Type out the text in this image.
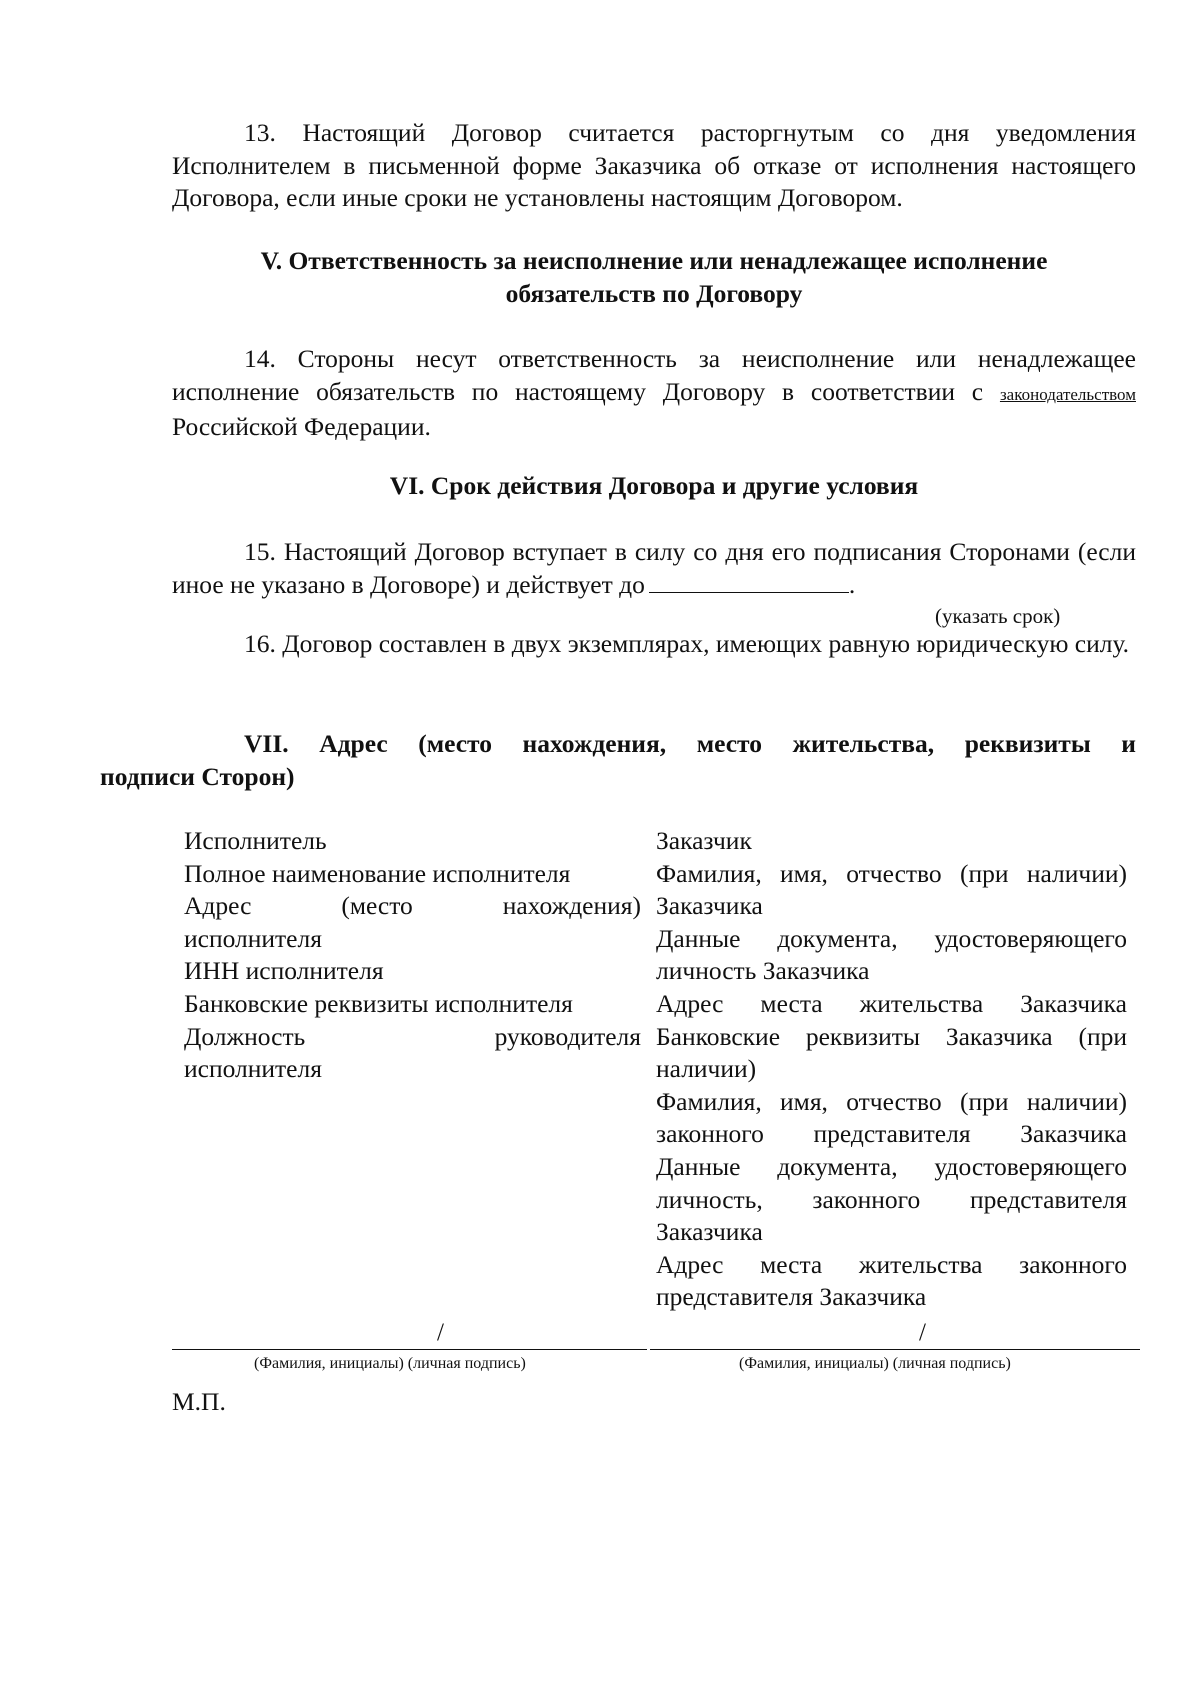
13. Настоящий Договор считается расторгнутым со дня уведомления Исполнителем в письменной форме Заказчика об отказе от исполнения настоящего Договора, если иные сроки не установлены настоящим Договором.

V. Ответственность за неисполнение или ненадлежащее исполнение
обязательств по Договору

14. Стороны несут ответственность за неисполнение или ненадлежащее исполнение обязательств по настоящему Договору в соответствии с законодательством Российской Федерации.

VI. Срок действия Договора и другие условия

15. Настоящий Договор вступает в силу со дня его подписания Сторонами (если иное не указано в Договоре) и действует до	.

(указать срок)

16. Договор составлен в двух экземплярах, имеющих равную юридическую силу.

VII. Адрес (место нахождения, место жительства, реквизиты и
подписи Сторон)
Исполнитель
Полное наименование исполнителя
Адрес (место нахождения)
исполнителя
ИНН исполнителя
Банковские реквизиты исполнителя
Должность руководителя
исполнителя
Заказчик
Фамилия, имя, отчество (при наличии)
Заказчика
Данные документа, удостоверяющего
личность Заказчика
Адрес места жительства Заказчика
Банковские реквизиты Заказчика (при
наличии)
Фамилия, имя, отчество (при наличии)
законного представителя Заказчика
Данные документа, удостоверяющего
личность, законного представителя
Заказчика
Адрес места жительства законного
представителя Заказчика
/
(Фамилия, инициалы) (личная подпись)
/
(Фамилия, инициалы) (личная подпись)
М.П.
